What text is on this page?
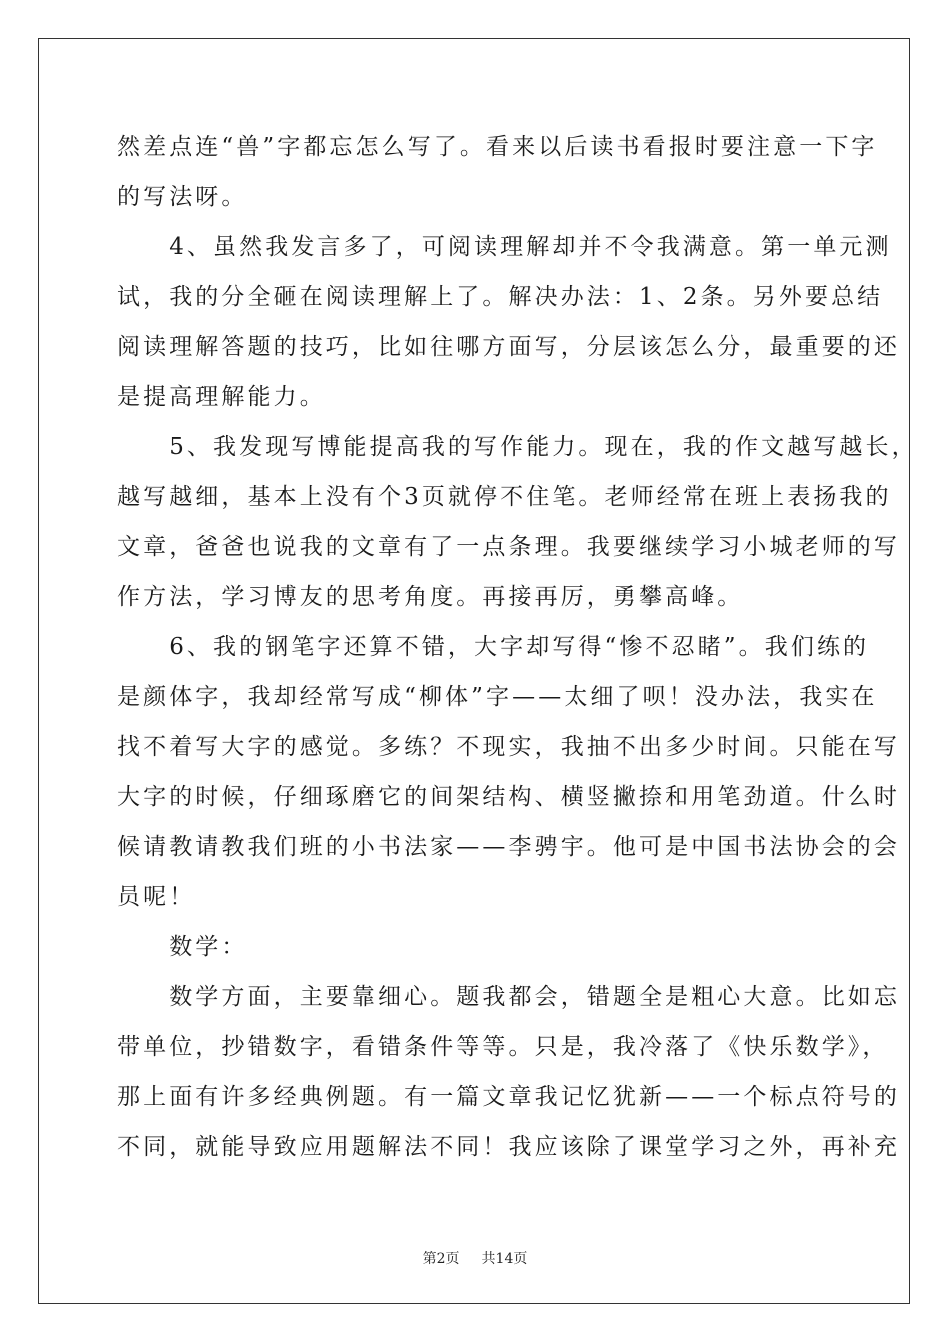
然差点连“兽”字都忘怎么写了。看来以后读书看报时要注意一下字
的写法呀。
　　4、虽然我发言多了，可阅读理解却并不令我满意。第一单元测
试，我的分全砸在阅读理解上了。解决办法：1、2条。另外要总结
阅读理解答题的技巧，比如往哪方面写，分层该怎么分，最重要的还
是提高理解能力。
　　5、我发现写博能提高我的写作能力。现在，我的作文越写越长，
越写越细，基本上没有个3页就停不住笔。老师经常在班上表扬我的
文章，爸爸也说我的文章有了一点条理。我要继续学习小城老师的写
作方法，学习博友的思考角度。再接再厉，勇攀高峰。
　　6、我的钢笔字还算不错，大字却写得“惨不忍睹”。我们练的
是颜体字，我却经常写成“柳体”字——太细了呗！没办法，我实在
找不着写大字的感觉。多练？不现实，我抽不出多少时间。只能在写
大字的时候，仔细琢磨它的间架结构、横竖撇捺和用笔劲道。什么时
候请教请教我们班的小书法家——李骋宇。他可是中国书法协会的会
员呢！
　　数学：
　　数学方面，主要靠细心。题我都会，错题全是粗心大意。比如忘
带单位，抄错数字，看错条件等等。只是，我冷落了《快乐数学》，
那上面有许多经典例题。有一篇文章我记忆犹新——一个标点符号的
不同，就能导致应用题解法不同！我应该除了课堂学习之外，再补充
第2页 共14页
